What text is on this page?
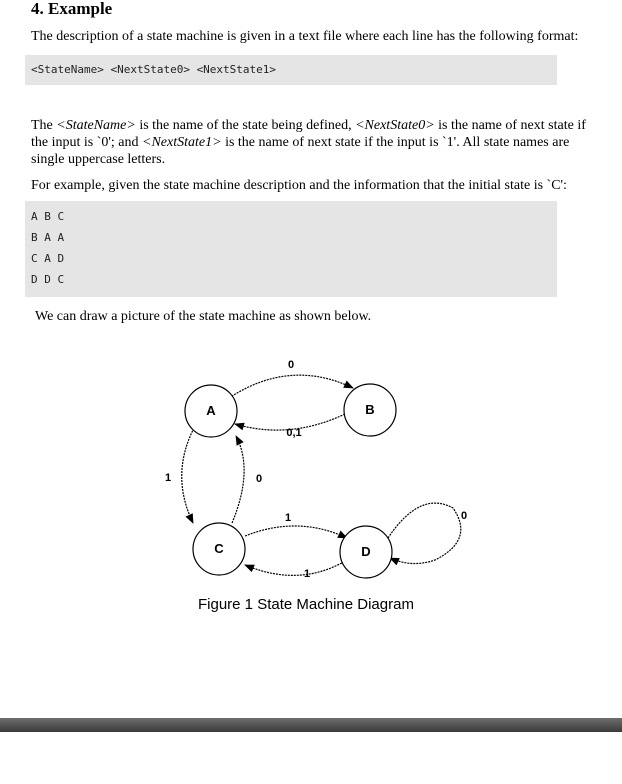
4. Example

The description of a state machine is given in a text file where each line has the following format:

<StateName> <NextState0> <NextState1>

The <StateName> is the name of the state being defined, <NextState0> is the name of next state if the input is `0'; and <NextState1> is the name of next state if the input is `1'. All state names are single uppercase letters.

For example, given the state machine description and the information that the initial state is `C':

A B C
B A A
C A D
D D C

We can draw a picture of the state machine as shown below.

0
0,1
1	0
1
1
0
A	B
C	D

Figure 1 State Machine Diagram
